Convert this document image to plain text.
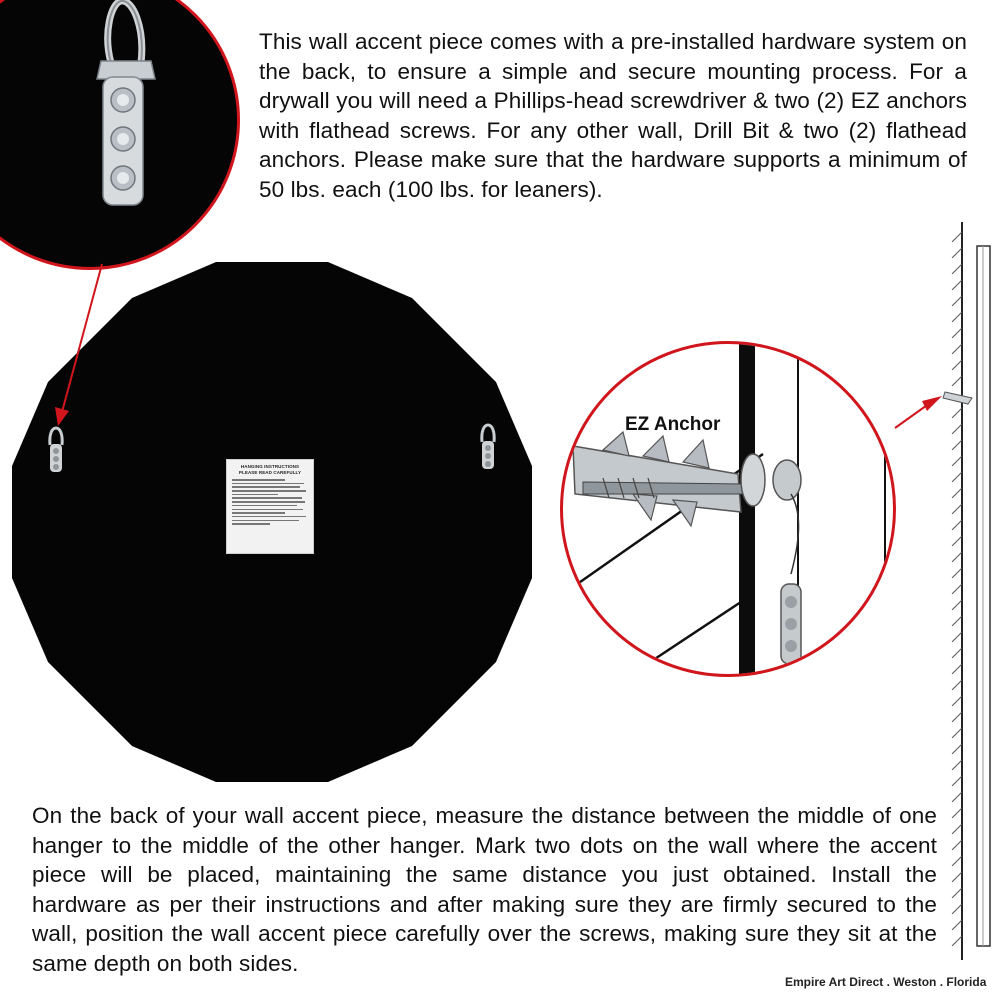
This wall accent piece comes with a pre-installed hardware system on the back, to ensure a simple and secure mounting process. For a drywall you will need a Phillips-head screwdriver & two (2) EZ anchors with flathead screws. For any other wall, Drill Bit & two (2) flathead anchors. Please make sure that the hardware supports a minimum of 50 lbs. each (100 lbs. for leaners).
HANGING INSTRUCTIONS
PLEASE READ CAREFULLY
EZ Anchor
On the back of your wall accent piece, measure the distance between the middle of one hanger to the middle of the other hanger. Mark two dots on the wall where the accent piece will be placed, maintaining the same distance you just obtained. Install the hardware as per their instructions and after making sure they are firmly secured to the wall, position the wall accent piece carefully over the screws, making sure they sit at the same depth on both sides.
Empire Art Direct . Weston . Florida
